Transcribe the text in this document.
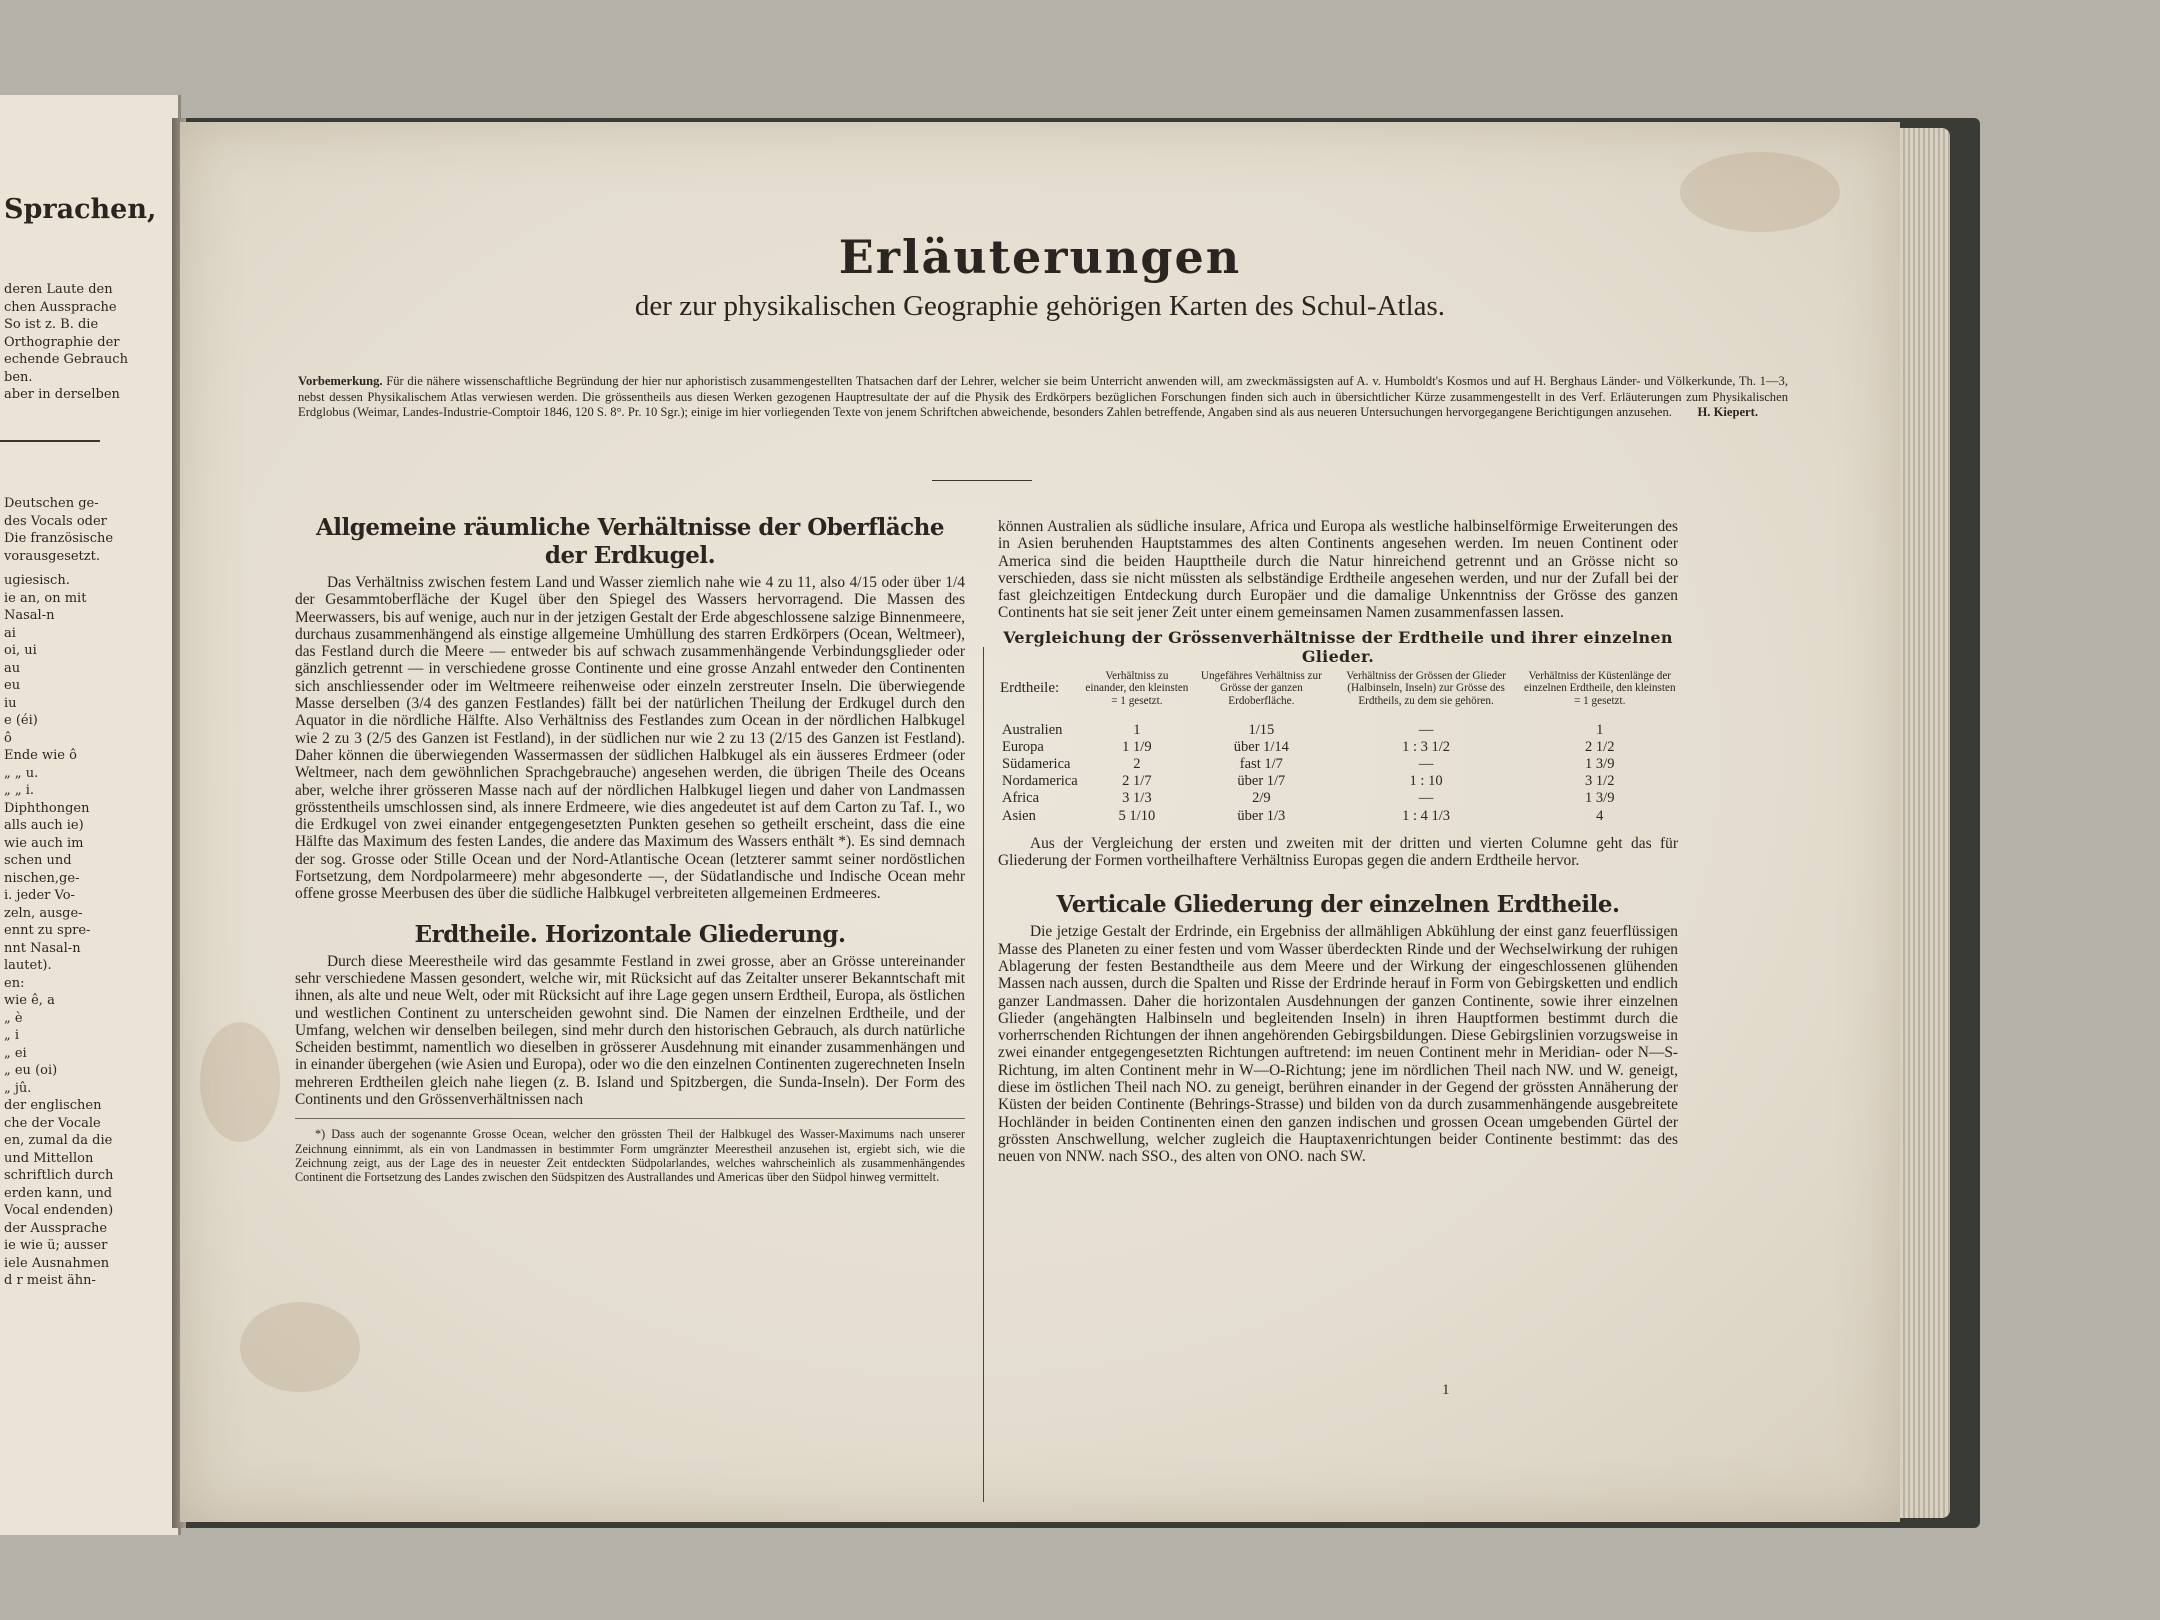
Sprachen,
deren Laute den
chen Aussprache
So ist z. B. die
Orthographie der
echende Gebrauch
ben.
aber in derselben
Deutschen ge-
des Vocals oder
Die französische
vorausgesetzt.
ugiesisch.
ie an, on mit
Nasal-n
ai
oi, ui
au
eu
iu
e (éi)
ô
Ende wie ô
„ „ u.
„ „ i.
Diphthongen
alls auch ie)
wie auch im
schen und
nischen,ge-
i. jeder Vo-
zeln, ausge-
ennt zu spre-
nnt Nasal-n
lautet).
en:
wie ê, a
„ è
„ i
„ ei
„ eu (oi)
„ jû.
der englischen
che der Vocale
en, zumal da die
und Mittellon
schriftlich durch
erden kann, und
Vocal endenden)
der Aussprache
ie wie ü; ausser
iele Ausnahmen
d r meist ähn-
Erläuterungen
der zur physikalischen Geographie gehörigen Karten des Schul-Atlas.
Vorbemerkung. Für die nähere wissenschaftliche Begründung der hier nur aphoristisch zusammengestellten Thatsachen darf der Lehrer, welcher sie beim Unterricht anwenden will, am zweckmässigsten auf A. v. Humboldt's Kosmos und auf H. Berghaus Länder- und Völkerkunde, Th. 1—3, nebst dessen Physikalischem Atlas verwiesen werden. Die grössentheils aus diesen Werken gezogenen Hauptresultate der auf die Physik des Erdkörpers bezüglichen Forschungen finden sich auch in übersichtlicher Kürze zusammengestellt in des Verf. Erläuterungen zum Physikalischen Erdglobus (Weimar, Landes-Industrie-Comptoir 1846, 120 S. 8°. Pr. 10 Sgr.); einige im hier vorliegenden Texte von jenem Schriftchen abweichende, besonders Zahlen betreffende, Angaben sind als aus neueren Untersuchungen hervorgegangene Berichtigungen anzusehen. H. Kiepert.
Allgemeine räumliche Verhältnisse der Oberfläche der Erdkugel.

Das Verhältniss zwischen festem Land und Wasser ziemlich nahe wie 4 zu 11, also 4/15 oder über 1/4 der Gesammtoberfläche der Kugel über den Spiegel des Wassers hervorragend. Die Massen des Meerwassers, bis auf wenige, auch nur in der jetzigen Gestalt der Erde abgeschlossene salzige Binnenmeere, durchaus zusammenhängend als einstige allgemeine Umhüllung des starren Erdkörpers (Ocean, Weltmeer), das Festland durch die Meere — entweder bis auf schwach zusammenhängende Verbindungsglieder oder gänzlich getrennt — in verschiedene grosse Continente und eine grosse Anzahl entweder den Continenten sich anschliessender oder im Weltmeere reihenweise oder einzeln zerstreuter Inseln. Die überwiegende Masse derselben (3/4 des ganzen Festlandes) fällt bei der natürlichen Theilung der Erdkugel durch den Aquator in die nördliche Hälfte. Also Verhältniss des Festlandes zum Ocean in der nördlichen Halbkugel wie 2 zu 3 (2/5 des Ganzen ist Festland), in der südlichen nur wie 2 zu 13 (2/15 des Ganzen ist Festland). Daher können die überwiegenden Wassermassen der südlichen Halbkugel als ein äusseres Erdmeer (oder Weltmeer, nach dem gewöhnlichen Sprachgebrauche) angesehen werden, die übrigen Theile des Oceans aber, welche ihrer grösseren Masse nach auf der nördlichen Halbkugel liegen und daher von Landmassen grösstentheils umschlossen sind, als innere Erdmeere, wie dies angedeutet ist auf dem Carton zu Taf. I., wo die Erdkugel von zwei einander entgegengesetzten Punkten gesehen so getheilt erscheint, dass die eine Hälfte das Maximum des festen Landes, die andere das Maximum des Wassers enthält *). Es sind demnach der sog. Grosse oder Stille Ocean und der Nord-Atlantische Ocean (letzterer sammt seiner nordöstlichen Fortsetzung, dem Nordpolarmeere) mehr abgesonderte —, der Südatlandische und Indische Ocean mehr offene grosse Meerbusen des über die südliche Halbkugel verbreiteten allgemeinen Erdmeeres.

Erdtheile. Horizontale Gliederung.

Durch diese Meerestheile wird das gesammte Festland in zwei grosse, aber an Grösse untereinander sehr verschiedene Massen gesondert, welche wir, mit Rücksicht auf das Zeitalter unserer Bekanntschaft mit ihnen, als alte und neue Welt, oder mit Rücksicht auf ihre Lage gegen unsern Erdtheil, Europa, als östlichen und westlichen Continent zu unterscheiden gewohnt sind. Die Namen der einzelnen Erdtheile, und der Umfang, welchen wir denselben beilegen, sind mehr durch den historischen Gebrauch, als durch natürliche Scheiden bestimmt, namentlich wo dieselben in grösserer Ausdehnung mit einander zusammenhängen und in einander übergehen (wie Asien und Europa), oder wo die den einzelnen Continenten zugerechneten Inseln mehreren Erdtheilen gleich nahe liegen (z. B. Island und Spitzbergen, die Sunda-Inseln). Der Form des Continents und den Grössenverhältnissen nach

*) Dass auch der sogenannte Grosse Ocean, welcher den grössten Theil der Halbkugel des Wasser-Maximums nach unserer Zeichnung einnimmt, als ein von Landmassen in bestimmter Form umgränzter Meerestheil anzusehen ist, ergiebt sich, wie die Zeichnung zeigt, aus der Lage des in neuester Zeit entdeckten Südpolarlandes, welches wahrscheinlich als zusammenhängendes Continent die Fortsetzung des Landes zwischen den Südspitzen des Australlandes und Americas über den Südpol hinweg vermittelt.

können Australien als südliche insulare, Africa und Europa als westliche halbinselförmige Erweiterungen des in Asien beruhenden Hauptstammes des alten Continents angesehen werden. Im neuen Continent oder America sind die beiden Haupttheile durch die Natur hinreichend getrennt und an Grösse nicht so verschieden, dass sie nicht müssten als selbständige Erdtheile angesehen werden, und nur der Zufall bei der fast gleichzeitigen Entdeckung durch Europäer und die damalige Unkenntniss der Grösse des ganzen Continents hat sie seit jener Zeit unter einem gemeinsamen Namen zusammenfassen lassen.

Vergleichung der Grössenverhältnisse der Erdtheile und ihrer einzelnen Glieder.
Erdtheile:	Verhältniss zu einander, den kleinsten = 1 gesetzt.	Ungefähres Verhältniss zur Grösse der ganzen Erdoberfläche.	Verhältniss der Grössen der Glieder (Halbinseln, Inseln) zur Grösse des Erdtheils, zu dem sie gehören.	Verhältniss der Küstenlänge der einzelnen Erdtheile, den kleinsten = 1 gesetzt.
Australien	1	1/15	—	1
Europa	1 1/9	über 1/14	1 : 3 1/2	2 1/2
Südamerica	2	fast 1/7	—	1 3/9
Nordamerica	2 1/7	über 1/7	1 : 10	3 1/2
Africa	3 1/3	2/9	—	1 3/9
Asien	5 1/10	über 1/3	1 : 4 1/3	4

Aus der Vergleichung der ersten und zweiten mit der dritten und vierten Columne geht das für Gliederung der Formen vortheilhaftere Verhältniss Europas gegen die andern Erdtheile hervor.

Verticale Gliederung der einzelnen Erdtheile.

Die jetzige Gestalt der Erdrinde, ein Ergebniss der allmähligen Abkühlung der einst ganz feuerflüssigen Masse des Planeten zu einer festen und vom Wasser überdeckten Rinde und der Wechselwirkung der ruhigen Ablagerung der festen Bestandtheile aus dem Meere und der Wirkung der eingeschlossenen glühenden Massen nach aussen, durch die Spalten und Risse der Erdrinde herauf in Form von Gebirgsketten und endlich ganzer Landmassen. Daher die horizontalen Ausdehnungen der ganzen Continente, sowie ihrer einzelnen Glieder (angehängten Halbinseln und begleitenden Inseln) in ihren Hauptformen bestimmt durch die vorherrschenden Richtungen der ihnen angehörenden Gebirgsbildungen. Diese Gebirgslinien vorzugsweise in zwei einander entgegengesetzten Richtungen auftretend: im neuen Continent mehr in Meridian- oder N—S-Richtung, im alten Continent mehr in W—O-Richtung; jene im nördlichen Theil nach NW. und W. geneigt, diese im östlichen Theil nach NO. zu geneigt, berühren einander in der Gegend der grössten Annäherung der Küsten der beiden Continente (Behrings-Strasse) und bilden von da durch zusammenhängende ausgebreitete Hochländer in beiden Continenten einen den ganzen indischen und grossen Ocean umgebenden Gürtel der grössten Anschwellung, welcher zugleich die Hauptaxenrichtungen beider Continente bestimmt: das des neuen von NNW. nach SSO., des alten von ONO. nach SW.

1
